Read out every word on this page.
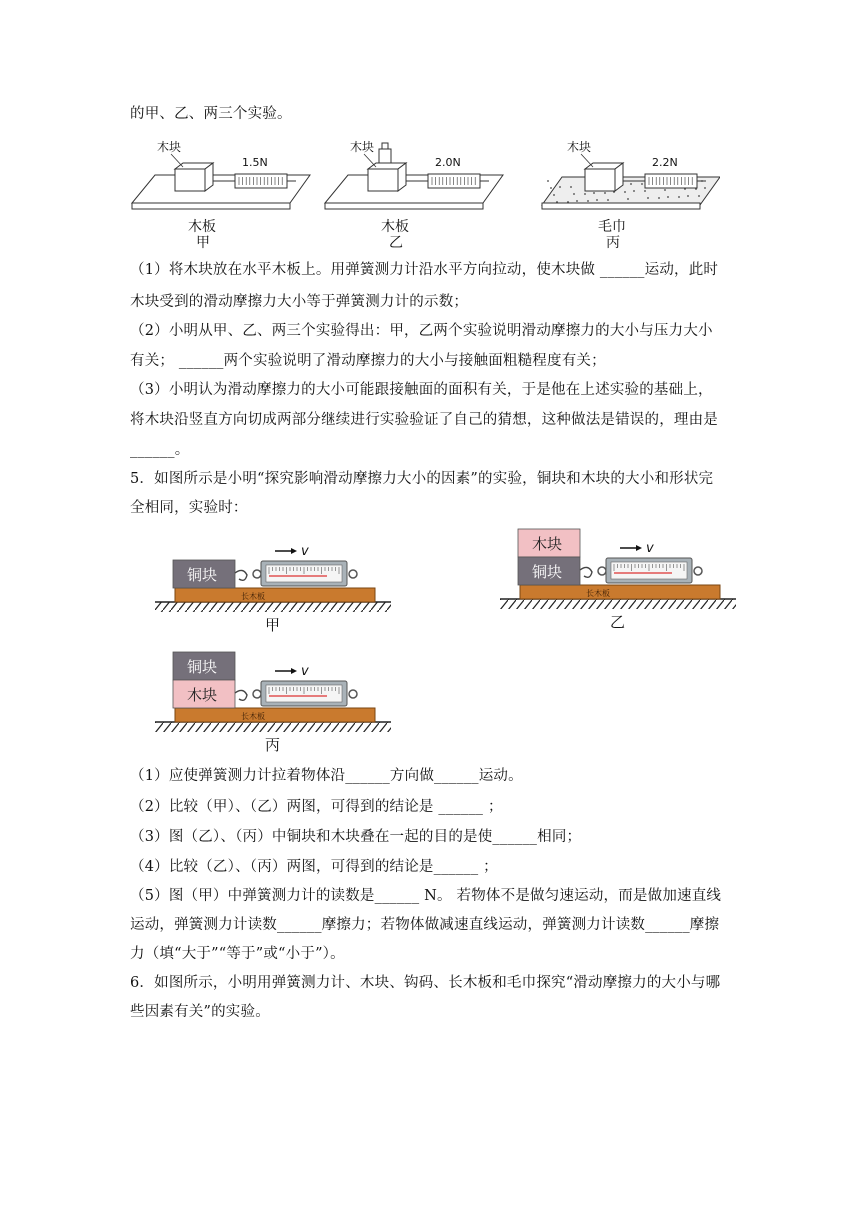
的甲、乙、两三个实验。
木块
1.5N
木板
甲
木块
2.0N
木板
乙
木块
2.2N
毛巾
丙
（1）将木块放在水平木板上。用弹簧测力计沿水平方向拉动，使木块做 ______运动，此时
木块受到的滑动摩擦力大小等于弹簧测力计的示数；
（2）小明从甲、乙、两三个实验得出：甲，乙两个实验说明滑动摩擦力的大小与压力大小
有关； ______两个实验说明了滑动摩擦力的大小与接触面粗糙程度有关；
（3）小明认为滑动摩擦力的大小可能跟接触面的面积有关，于是他在上述实验的基础上，
将木块沿竖直方向切成两部分继续进行实验验证了自己的猜想，这种做法是错误的，理由是
______。
5．如图所示是小明“探究影响滑动摩擦力大小的因素”的实验，铜块和木块的大小和形状完
全相同，实验时：
长木板
铜块
v
甲
长木板
木块
铜块
v
乙
长木板
铜块
木块
v
丙
（1）应使弹簧测力计拉着物体沿______方向做______运动。
（2）比较（甲）、（乙）两图，可得到的结论是 ______ ；
（3）图（乙）、（丙）中铜块和木块叠在一起的目的是使______相同；
（4）比较（乙）、（丙）两图，可得到的结论是______ ；
（5）图（甲）中弹簧测力计的读数是______ N。 若物体不是做匀速运动，而是做加速直线
运动，弹簧测力计读数______摩擦力；若物体做减速直线运动，弹簧测力计读数______摩擦
力（填“大于”“等于”或“小于”）。
6．如图所示，小明用弹簧测力计、木块、钩码、长木板和毛巾探究“滑动摩擦力的大小与哪
些因素有关”的实验。
